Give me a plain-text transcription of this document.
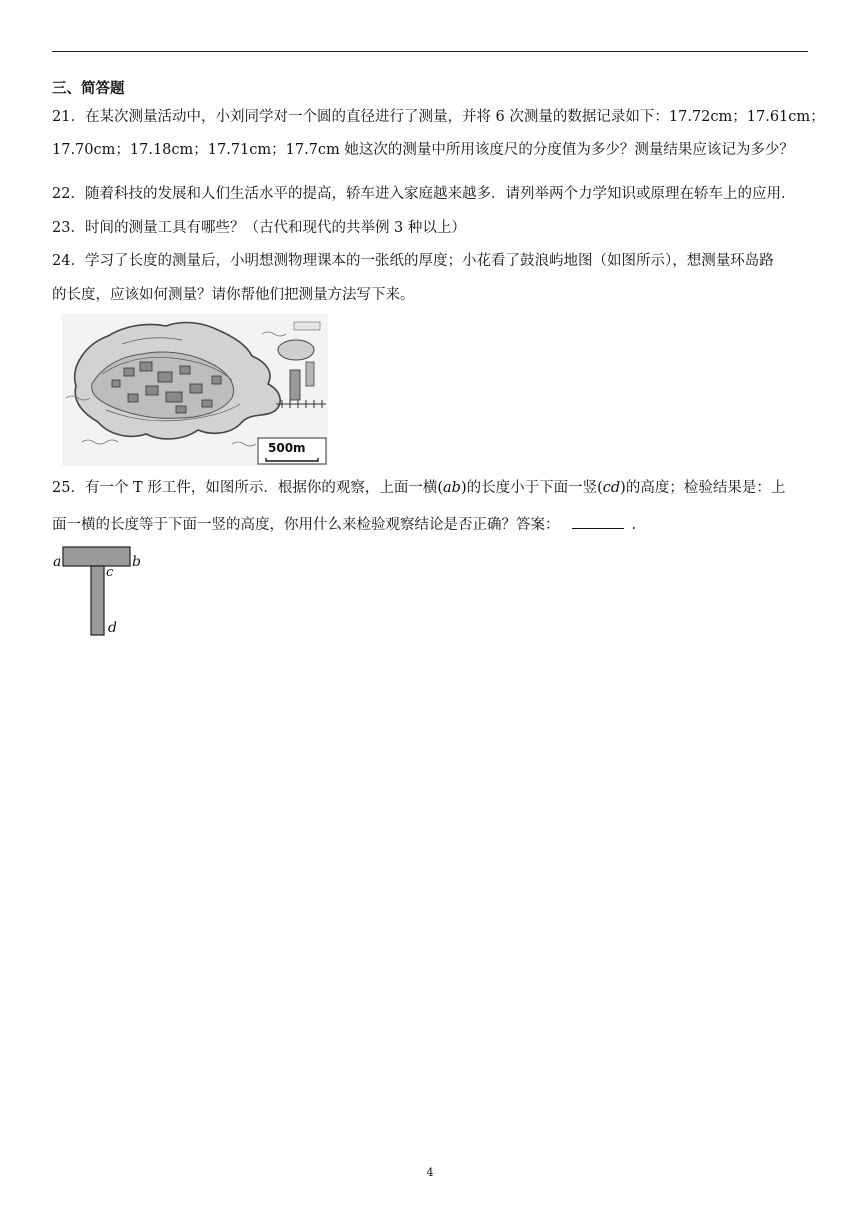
三、简答题
21．在某次测量活动中，小刘同学对一个圆的直径进行了测量，并将 6 次测量的数据记录如下：17.72cm；17.61cm；
17.70cm；17.18cm；17.71cm；17.7cm 她这次的测量中所用该度尺的分度值为多少？测量结果应该记为多少？
22．随着科技的发展和人们生活水平的提高，轿车进入家庭越来越多．请列举两个力学知识或原理在轿车上的应用．
23．时间的测量工具有哪些？（古代和现代的共举例 3 种以上）
24．学习了长度的测量后，小明想测物理课本的一张纸的厚度；小花看了鼓浪屿地图（如图所示），想测量环岛路
的长度，应该如何测量？请你帮他们把测量方法写下来。
500m
25．有一个 T 形工件，如图所示．根据你的观察，上面一横(ab)的长度小于下面一竖(cd)的高度；检验结果是：上
面一横的长度等于下面一竖的高度，你用什么来检验观察结论是否正确？答案：	．
a	b
c
d
4
